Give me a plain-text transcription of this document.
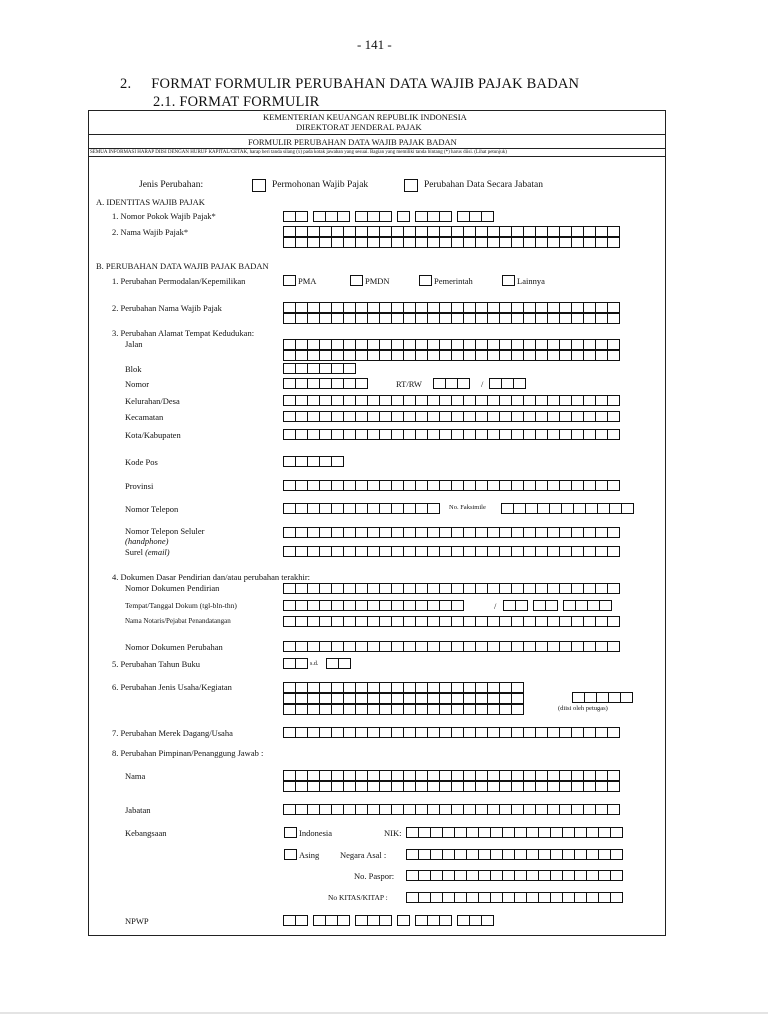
- 141 -
2. FORMAT FORMULIR PERUBAHAN DATA WAJIB PAJAK BADAN
2.1. FORMAT FORMULIR
KEMENTERIAN KEUANGAN REPUBLIK INDONESIA
DIREKTORAT JENDERAL PAJAK
FORMULIR PERUBAHAN DATA WAJIB PAJAK BADAN
SEMUA INFORMASI HARAP DIISI DENGAN HURUF KAPITAL/CETAK, harap beri tanda silang (x) pada kotak jawaban yang sesuai. Bagian yang memiliki tanda bintang (*) harus diisi. (Lihat petunjuk)
Jenis Perubahan:	Permohonan Wajib Pajak	Perubahan Data Secara Jabatan
A. IDENTITAS WAJIB PAJAK
1. Nomor Pokok Wajib Pajak*
2. Nama Wajib Pajak*
B. PERUBAHAN DATA WAJIB PAJAK BADAN
1. Perubahan Permodalan/Kepemilikan	PMA	PMDN	Pemerintah	Lainnya
2. Perubahan Nama Wajib Pajak
3. Perubahan Alamat Tempat Kedudukan:
Jalan
Blok
Nomor	RT/RW	/
Kelurahan/Desa
Kecamatan
Kota/Kabupaten
Kode Pos
Provinsi
Nomor Telepon	No. Faksimile
Nomor Telepon Seluler
(handphone)
Surel (email)
4. Dokumen Dasar Pendirian dan/atau perubahan terakhir:
Nomor Dokumen Pendirian
Tempat/Tanggal Dokum (tgl-bln-thn)	/
Nama Notaris/Pejabat Penandatangan
Nomor Dokumen Perubahan
5. Perubahan Tahun Buku	s.d.
6. Perubahan Jenis Usaha/Kegiatan
(diisi oleh petugas)
7. Perubahan Merek Dagang/Usaha
8. Perubahan Pimpinan/Penanggung Jawab :
Nama
Jabatan
Kebangsaan	Indonesia	NIK:
Asing Negara Asal :
No. Paspor:
No KITAS/KITAP :
NPWP
